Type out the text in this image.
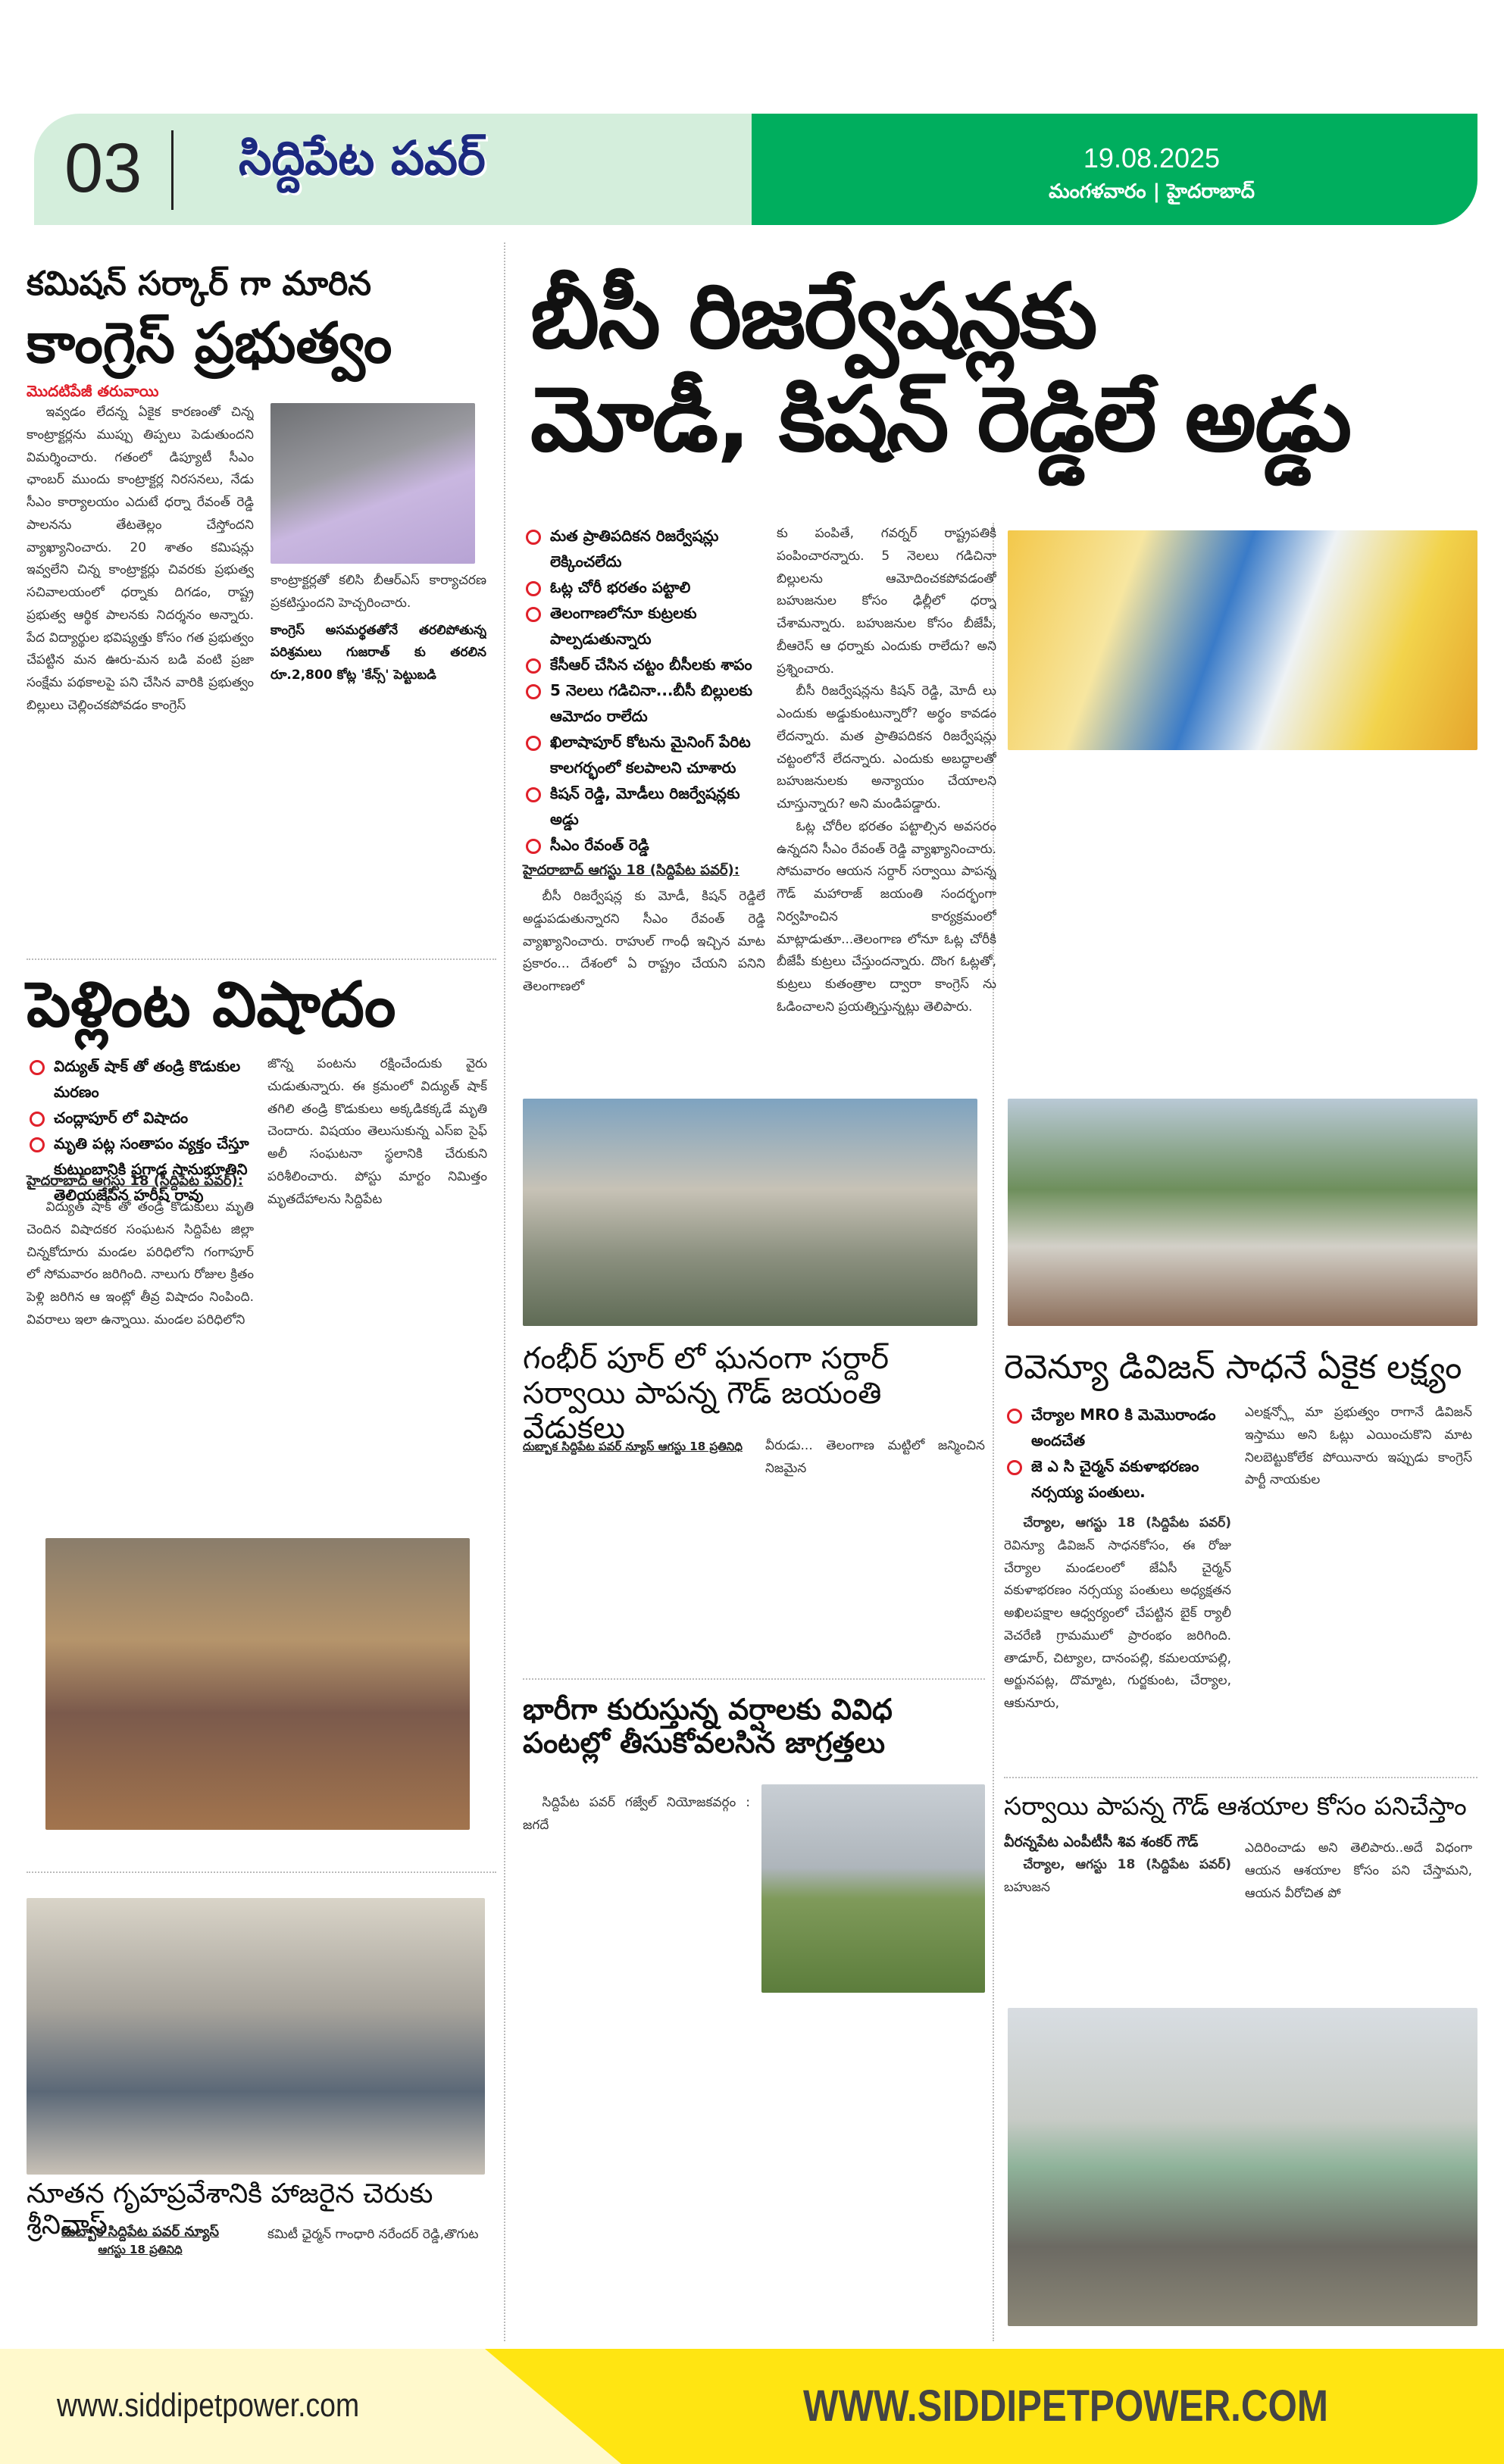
03 సిద్దిపేట పవర్	19.08.2025
మంగళవారం | హైదరాబాద్
కమిషన్ సర్కార్ గా మారిన
కాంగ్రెస్ ప్రభుత్వం
మొదటిపేజీ తరువాయి

ఇవ్వడం లేదన్న ఏకైక కారణంతో చిన్న కాంట్రాక్టర్లను ముప్పు తిప్పలు పెడుతుందని విమర్శించారు. గతంలో డిప్యూటీ సీఎం ఛాంబర్ ముందు కాంట్రాక్టర్ల నిరసనలు, నేడు సీఎం కార్యాలయం ఎదుటే ధర్నా రేవంత్ రెడ్డి పాలనను తేటతెల్లం చేస్తోందని వ్యాఖ్యానించారు. 20 శాతం కమిషన్లు ఇవ్వలేని చిన్న కాంట్రాక్టర్లు చివరకు ప్రభుత్వ సచివాలయంలో ధర్నాకు దిగడం, రాష్ట్ర ప్రభుత్వ ఆర్థిక పాలనకు నిదర్శనం అన్నారు. పేద విద్యార్థుల భవిష్యత్తు కోసం గత ప్రభుత్వం చేపట్టిన మన ఊరు-మన బడి వంటి ప్రజా సంక్షేమ పథకాలపై పని చేసిన వారికి ప్రభుత్వం బిల్లులు చెల్లించకపోవడం కాంగ్రెస్

కాంట్రాక్టర్లతో కలిసి బీఆర్ఎస్ కార్యాచరణ ప్రకటిస్తుందని హెచ్చరించారు.

కాంగ్రెస్ అసమర్థతతోనే తరలిపోతున్న పరిశ్రమలు గుజరాత్ కు తరలిన రూ.2,800 కోట్ల 'కేన్స్' పెట్టుబడి
పెళ్లింట విషాదం
విద్యుత్ షాక్ తో తండ్రి కొడుకుల మరణం
చంద్లాపూర్ లో విషాదం
మృతి పట్ల సంతాపం వ్యక్తం చేస్తూ కుటుంబానికి ప్రగాఢ సానుభూతిని తెలియజేసిన హరీష్ రావు
హైదరాబాద్ ఆగస్టు 18 (సిద్దిపేట పవర్):

విద్యుత్ షాక్ తో తండ్రి కొడుకులు మృతి చెందిన విషాదకర సంఘటన సిద్దిపేట జిల్లా చిన్నకోదూరు మండల పరిధిలోని గంగాపూర్ లో సోమవారం జరిగింది. నాలుగు రోజుల క్రితం పెళ్లి జరిగిన ఆ ఇంట్లో తీవ్ర విషాదం నింపింది. వివరాలు ఇలా ఉన్నాయి. మండల పరిధిలోని

జొన్న పంటను రక్షించేందుకు వైరు చుడుతున్నారు. ఈ క్రమంలో విద్యుత్ షాక్ తగిలి తండ్రి కొడుకులు అక్కడికక్కడే మృతి చెందారు. విషయం తెలుసుకున్న ఎస్ఐ సైఫ్ అలీ సంఘటనా స్థలానికి చేరుకుని పరిశీలించారు. పోస్టు మార్టం నిమిత్తం మృతదేహాలను సిద్దిపేట

నూతన గృహప్రవేశానికి హాజరైన చెరుకు శ్రీనివాస్
దుబ్బాక సిద్దిపేట పవర్ న్యూస్
ఆగస్టు 18 ప్రతినిధి

కమిటీ ఛైర్మన్ గాంధారి నరేందర్ రెడ్డి,తొగుట

బీసీ రిజర్వేషన్లకు
మోడీ, కిషన్ రెడ్డిలే అడ్డు
మత ప్రాతిపదికన రిజర్వేషన్లు లెక్కించలేదు
ఓట్ల చోరీ భరతం పట్టాలి
తెలంగాణలోనూ కుట్రలకు పాల్పడుతున్నారు
కేసీఆర్ చేసిన చట్టం బీసీలకు శాపం
5 నెలలు గడిచినా...బీసీ బిల్లులకు ఆమోదం రాలేదు
ఖిలాషాపూర్ కోటను మైనింగ్ పేరిట కాలగర్భంలో కలపాలని చూశారు
కిషన్ రెడ్డి, మోడీలు రిజర్వేషన్లకు అడ్డు
సీఎం రేవంత్ రెడ్డి
హైదరాబాద్ ఆగస్టు 18 (సిద్దిపేట పవర్):

బీసీ రిజర్వేషన్ల కు మోడీ, కిషన్ రెడ్డిలే అడ్డుపడుతున్నారని సీఎం రేవంత్ రెడ్డి వ్యాఖ్యానించారు. రాహుల్ గాంధీ ఇచ్చిన మాట ప్రకారం... దేశంలో ఏ రాష్ట్రం చేయని పనిని తెలంగాణలో

కు పంపితే, గవర్నర్ రాష్ట్రపతికి పంపించారన్నారు. 5 నెలలు గడిచినా బిల్లులను ఆమోదించకపోవడంతో బహుజనుల కోసం ఢిల్లీలో ధర్నా చేశామన్నారు. బహుజనుల కోసం బీజేపీ, బీఆరెస్ ఆ ధర్నాకు ఎందుకు రాలేదు? అని ప్రశ్నించారు.

బీసీ రిజర్వేషన్లను కిషన్ రెడ్డి, మోదీ లు ఎందుకు అడ్డుకుంటున్నారో? అర్థం కావడం లేదన్నారు. మత ప్రాతిపదికన రిజర్వేషన్లు చట్టంలోనే లేదన్నారు. ఎందుకు అబద్ధాలతో బహుజనులకు అన్యాయం చేయాలని చూస్తున్నారు? అని మండిపడ్డారు.

ఓట్ల చోరీల భరతం పట్టాల్సిన అవసరం ఉన్నదని సీఎం రేవంత్ రెడ్డి వ్యాఖ్యానించారు. సోమవారం ఆయన సర్దార్ సర్వాయి పాపన్న గౌడ్ మహారాజ్ జయంతి సందర్భంగా నిర్వహించిన కార్యక్రమంలో మాట్లాడుతూ...తెలంగాణ లోనూ ఓట్ల చోరీకి బీజేపీ కుట్రలు చేస్తుందన్నారు. దొంగ ఓట్లతో, కుట్రలు కుతంత్రాల ద్వారా కాంగ్రెస్ ను ఓడించాలని ప్రయత్నిస్తున్నట్లు తెలిపారు.

గంభీర్ పూర్ లో ఘనంగా సర్దార్ సర్వాయి పాపన్న గౌడ్ జయంతి వేడుకలు
దుబ్బాక సిద్దిపేట పవర్ న్యూస్ ఆగస్టు 18 ప్రతినిధి	వీరుడు... తెలంగాణ మట్టిలో జన్మించిన నిజమైన

భారీగా కురుస్తున్న వర్షాలకు వివిధ పంటల్లో తీసుకోవలసిన జాగ్రత్తలు

సిద్దిపేట పవర్ గజ్వేల్ నియోజకవర్గం : జగదే

రెవెన్యూ డివిజన్ సాధనే ఏకైక లక్ష్యం
చేర్యాల MRO కి మెమొరాండం అందచేత
జె ఎ సి చైర్మన్ వకుళాభరణం నర్సయ్య పంతులు.

చేర్యాల, ఆగస్టు 18 (సిద్దిపేట పవర్) రెవిన్యూ డివిజన్ సాధనకోసం, ఈ రోజు చేర్యాల మండలంలో జేఏసీ చైర్మన్ వకుళాభరణం నర్సయ్య పంతులు అధ్యక్షతన అఖిలపక్షాల ఆధ్వర్యంలో చేపట్టిన బైక్ ర్యాలీ వెచరేణి గ్రామములో ప్రారంభం జరిగింది. తాడూర్, చిట్యాల, దానంపల్లి, కమలయాపల్లి, అర్జునపట్ల, దొమ్మాట, గుర్జకుంట, చేర్యాల, ఆకునూరు,

ఎలక్షన్స్లో మా ప్రభుత్వం రాగానే డివిజన్ ఇస్తాము అని ఓట్లు ఎయించుకొని మాట నిలబెట్టుకోలేక పోయినారు ఇప్పుడు కాంగ్రెస్ పార్టీ నాయకుల

సర్వాయి పాపన్న గౌడ్ ఆశయాల కోసం పనిచేస్తాం
వీరన్నపేట ఎంపీటీసీ శివ శంకర్ గౌడ్

చేర్యాల, ఆగస్టు 18 (సిద్దిపేట పవర్) బహుజన

ఎదిరించాడు అని తెలిపారు..అదే విధంగా ఆయన ఆశయాల కోసం పని చేస్తామని, ఆయన వీరోచిత పో

www.siddipetpower.com	WWW.SIDDIPETPOWER.COM
